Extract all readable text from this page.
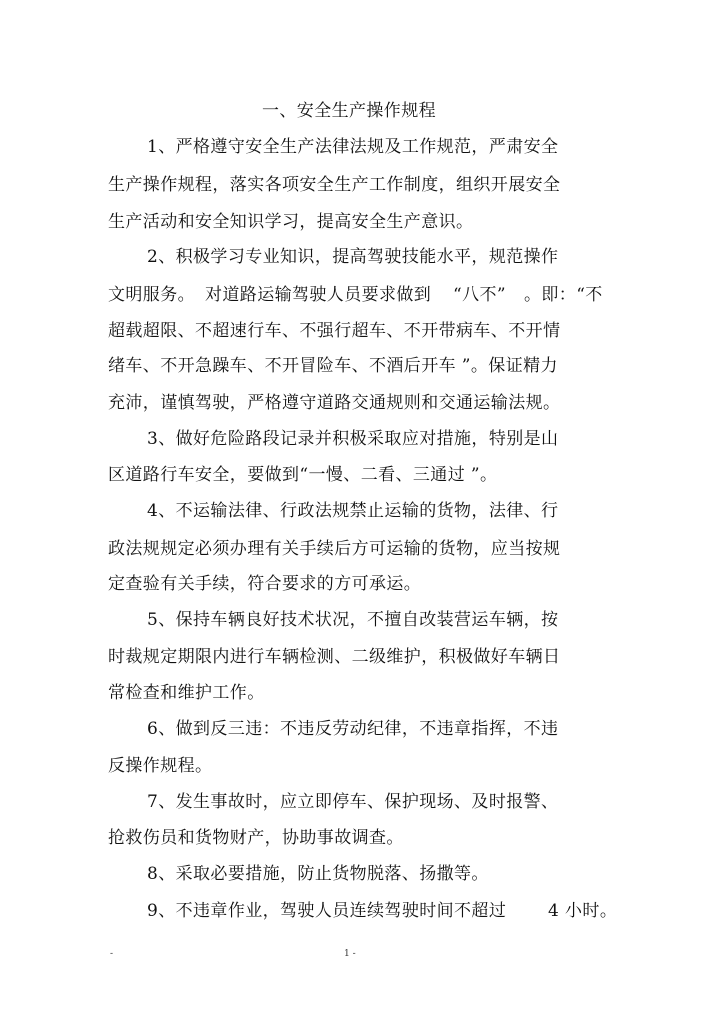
一、安全生产操作规程
1、严格遵守安全生产法律法规及工作规范，严肃安全
生产操作规程，落实各项安全生产工作制度，组织开展安全
生产活动和安全知识学习，提高安全生产意识。
2、积极学习专业知识，提高驾驶技能水平，规范操作
文明服务。 对道路运输驾驶人员要求做到 “八不” 。即：“不
超载超限、不超速行车、不强行超车、不开带病车、不开情
绪车、不开急躁车、不开冒险车、不酒后开车 ”。保证精力
充沛，谨慎驾驶，严格遵守道路交通规则和交通运输法规。
3、做好危险路段记录并积极采取应对措施，特别是山
区道路行车安全，要做到“一慢、二看、三通过 ”。
4、不运输法律、行政法规禁止运输的货物，法律、行
政法规规定必须办理有关手续后方可运输的货物，应当按规
定查验有关手续，符合要求的方可承运。
5、保持车辆良好技术状况，不擅自改装营运车辆，按
时裁规定期限内进行车辆检测、二级维护，积极做好车辆日
常检查和维护工作。
6、做到反三违：不违反劳动纪律，不违章指挥，不违
反操作规程。
7、发生事故时，应立即停车、保护现场、及时报警、
抢救伤员和货物财产，协助事故调查。
8、采取必要措施，防止货物脱落、扬撒等。
9、不违章作业，驾驶人员连续驾驶时间不超过 4 小时。
-	1 -
